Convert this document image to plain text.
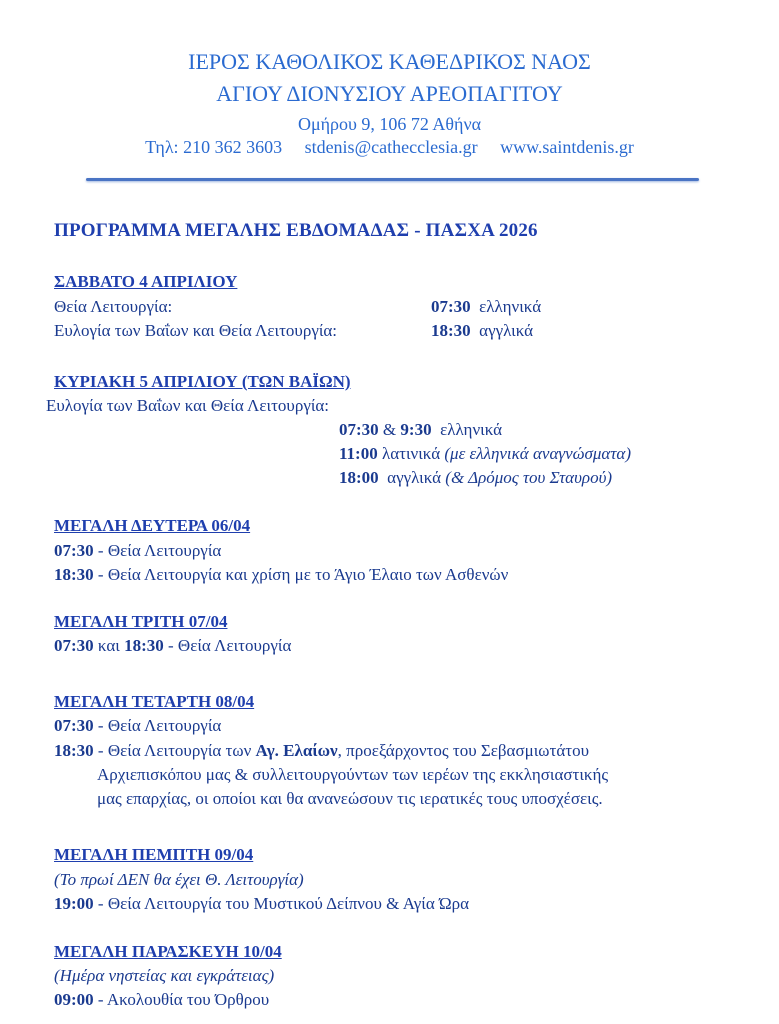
ΙΕΡΟΣ ΚΑΘΟΛΙΚΟΣ ΚΑΘΕΔΡΙΚΟΣ ΝΑΟΣ
ΑΓΙΟΥ ΔΙΟΝΥΣΙΟΥ ΑΡΕΟΠΑΓΙΤΟΥ
Ομήρου 9, 106 72 Αθήνα
Τηλ: 210 362 3603 stdenis@cathecclesia.gr www.saintdenis.gr
ΠΡΟΓΡΑΜΜΑ ΜΕΓΑΛΗΣ ΕΒΔΟΜΑΔΑΣ - ΠΑΣΧΑ 2026
ΣΑΒΒΑΤΟ 4 ΑΠΡΙΛΙΟΥ
Θεία Λειτουργία:	07:30 ελληνικά
Ευλογία των Βαΐων και Θεία Λειτουργία:	18:30 αγγλικά
ΚΥΡΙΑΚΗ 5 ΑΠΡΙΛΙΟΥ (ΤΩΝ ΒΑΪΩΝ)
Ευλογία των Βαΐων και Θεία Λειτουργία:
07:30 & 9:30 ελληνικά
11:00 λατινικά (με ελληνικά αναγνώσματα)
18:00 αγγλικά (& Δρόμος του Σταυρού)
ΜΕΓΑΛΗ ΔΕΥΤΕΡΑ 06/04
07:30 - Θεία Λειτουργία
18:30 - Θεία Λειτουργία και χρίση με το Άγιο Έλαιο των Ασθενών
ΜΕΓΑΛΗ ΤΡΙΤΗ 07/04
07:30 και 18:30 - Θεία Λειτουργία
ΜΕΓΑΛΗ ΤΕΤΑΡΤΗ 08/04
07:30 - Θεία Λειτουργία
18:30 - Θεία Λειτουργία των Αγ. Ελαίων, προεξάρχοντος του Σεβασμιωτάτου
Αρχιεπισκόπου μας & συλλειτουργούντων των ιερέων της εκκλησιαστικής
μας επαρχίας, οι οποίοι και θα ανανεώσουν τις ιερατικές τους υποσχέσεις.
ΜΕΓΑΛΗ ΠΕΜΠΤΗ 09/04
(Το πρωί ΔΕΝ θα έχει Θ. Λειτουργία)
19:00 - Θεία Λειτουργία του Μυστικού Δείπνου & Αγία Ώρα
ΜΕΓΑΛΗ ΠΑΡΑΣΚΕΥΗ 10/04
(Ημέρα νηστείας και εγκράτειας)
09:00 - Ακολουθία του Όρθρου
